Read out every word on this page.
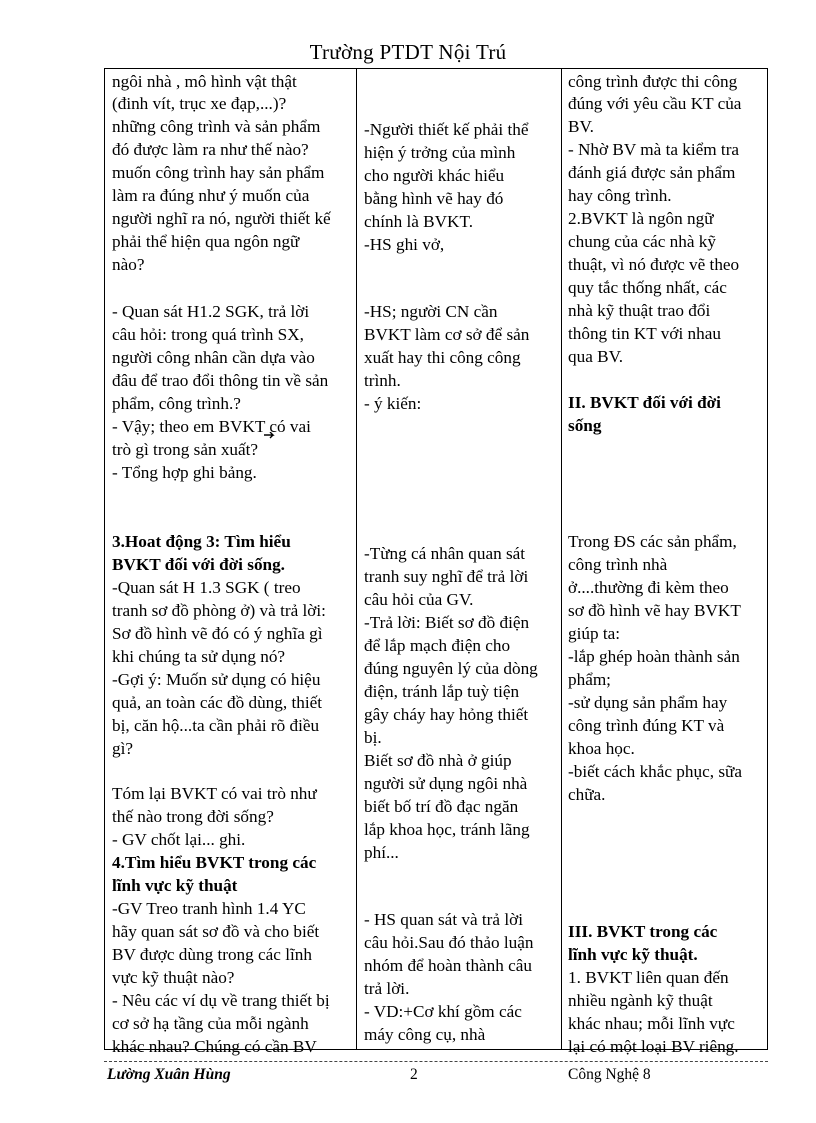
Trường PTDT Nội Trú

ngôi nhà , mô hình vật thật

(đinh vít, trục xe đạp,...)?

những công trình và sản phẩm

đó được làm ra như thế nào?

muốn công trình hay sản phẩm

làm ra đúng như ý muốn của

người nghĩ ra nó, người thiết kế

phải thể hiện qua ngôn ngữ

nào?

- Quan sát H1.2 SGK, trả lời

câu hỏi: trong quá trình SX,

người công nhân cần dựa vào

đâu để trao đổi thông tin về sản

phẩm, công trình.?

- Vậy; theo em BVKT có vai

trò gì trong sản xuất?

- Tổng hợp ghi bảng.

3.Hoat động 3: Tìm hiểu

BVKT đối với đời sống.

-Quan sát H 1.3 SGK ( treo

tranh sơ đồ phòng ở) và trả lời:

Sơ đồ hình vẽ đó có ý nghĩa gì

khi chúng ta sử dụng nó?

-Gợi ý: Muốn sử dụng có hiệu

quả, an toàn các đồ dùng, thiết

bị, căn hộ...ta cần phải rõ điều

gì?

Tóm lại BVKT có vai trò như

thế nào trong đời sống?

- GV chốt lại... ghi.

4.Tìm hiểu BVKT trong các

lĩnh vực kỹ thuật

-GV Treo tranh hình 1.4 YC

hãy quan sát sơ đồ và cho biết

BV được dùng trong các lĩnh

vực kỹ thuật nào?

- Nêu các ví dụ về trang thiết bị

cơ sở hạ tầng của mỗi ngành

khác nhau? Chúng có cần BV

-Người thiết kế phải thể

hiện ý trởng của mình

cho người khác hiểu

bằng hình vẽ hay đó

chính là BVKT.

-HS ghi vở,

-HS; người CN cần

BVKT làm cơ sở để sản

xuất hay thi công công

trình.

- ý kiến:

-Từng cá nhân quan sát

tranh suy nghĩ để trả lời

câu hỏi của GV.

-Trả lời: Biết sơ đồ điện

để lắp mạch điện cho

đúng nguyên lý của dòng

điện, tránh lắp tuỳ tiện

gây cháy hay hỏng thiết

bị.

Biết sơ đồ nhà ở giúp

người sử dụng ngôi nhà

biết bố trí đồ đạc ngăn

lắp khoa học, tránh lãng

phí...

- HS quan sát và trả lời

câu hỏi.Sau đó thảo luận

nhóm để hoàn thành câu

trả lời.

- VD:+Cơ khí gồm các

máy công cụ, nhà

công trình được thi công

đúng với yêu cầu KT của

BV.

- Nhờ BV mà ta kiểm tra

đánh giá được sản phẩm

hay công trình.

2.BVKT là ngôn ngữ

chung của các nhà kỹ

thuật, vì nó được vẽ theo

quy tắc thống nhất, các

nhà kỹ thuật trao đổi

thông tin KT với nhau

qua BV.

II. BVKT đối với đời

sống

Trong ĐS các sản phẩm,

công trình nhà

ở....thường đi kèm theo

sơ đồ hình vẽ hay BVKT

giúp ta:

-lắp ghép hoàn thành sản

phẩm;

-sử dụng sản phẩm hay

công trình đúng KT và

khoa học.

-biết cách khắc phục, sữa

chữa.

III. BVKT trong các

lĩnh vực kỹ thuật.

1. BVKT liên quan đến

nhiều ngành kỹ thuật

khác nhau; mỗi lĩnh vực

lại có một loại BV riêng.

Lường Xuân Hùng	2	Công Nghệ 8
